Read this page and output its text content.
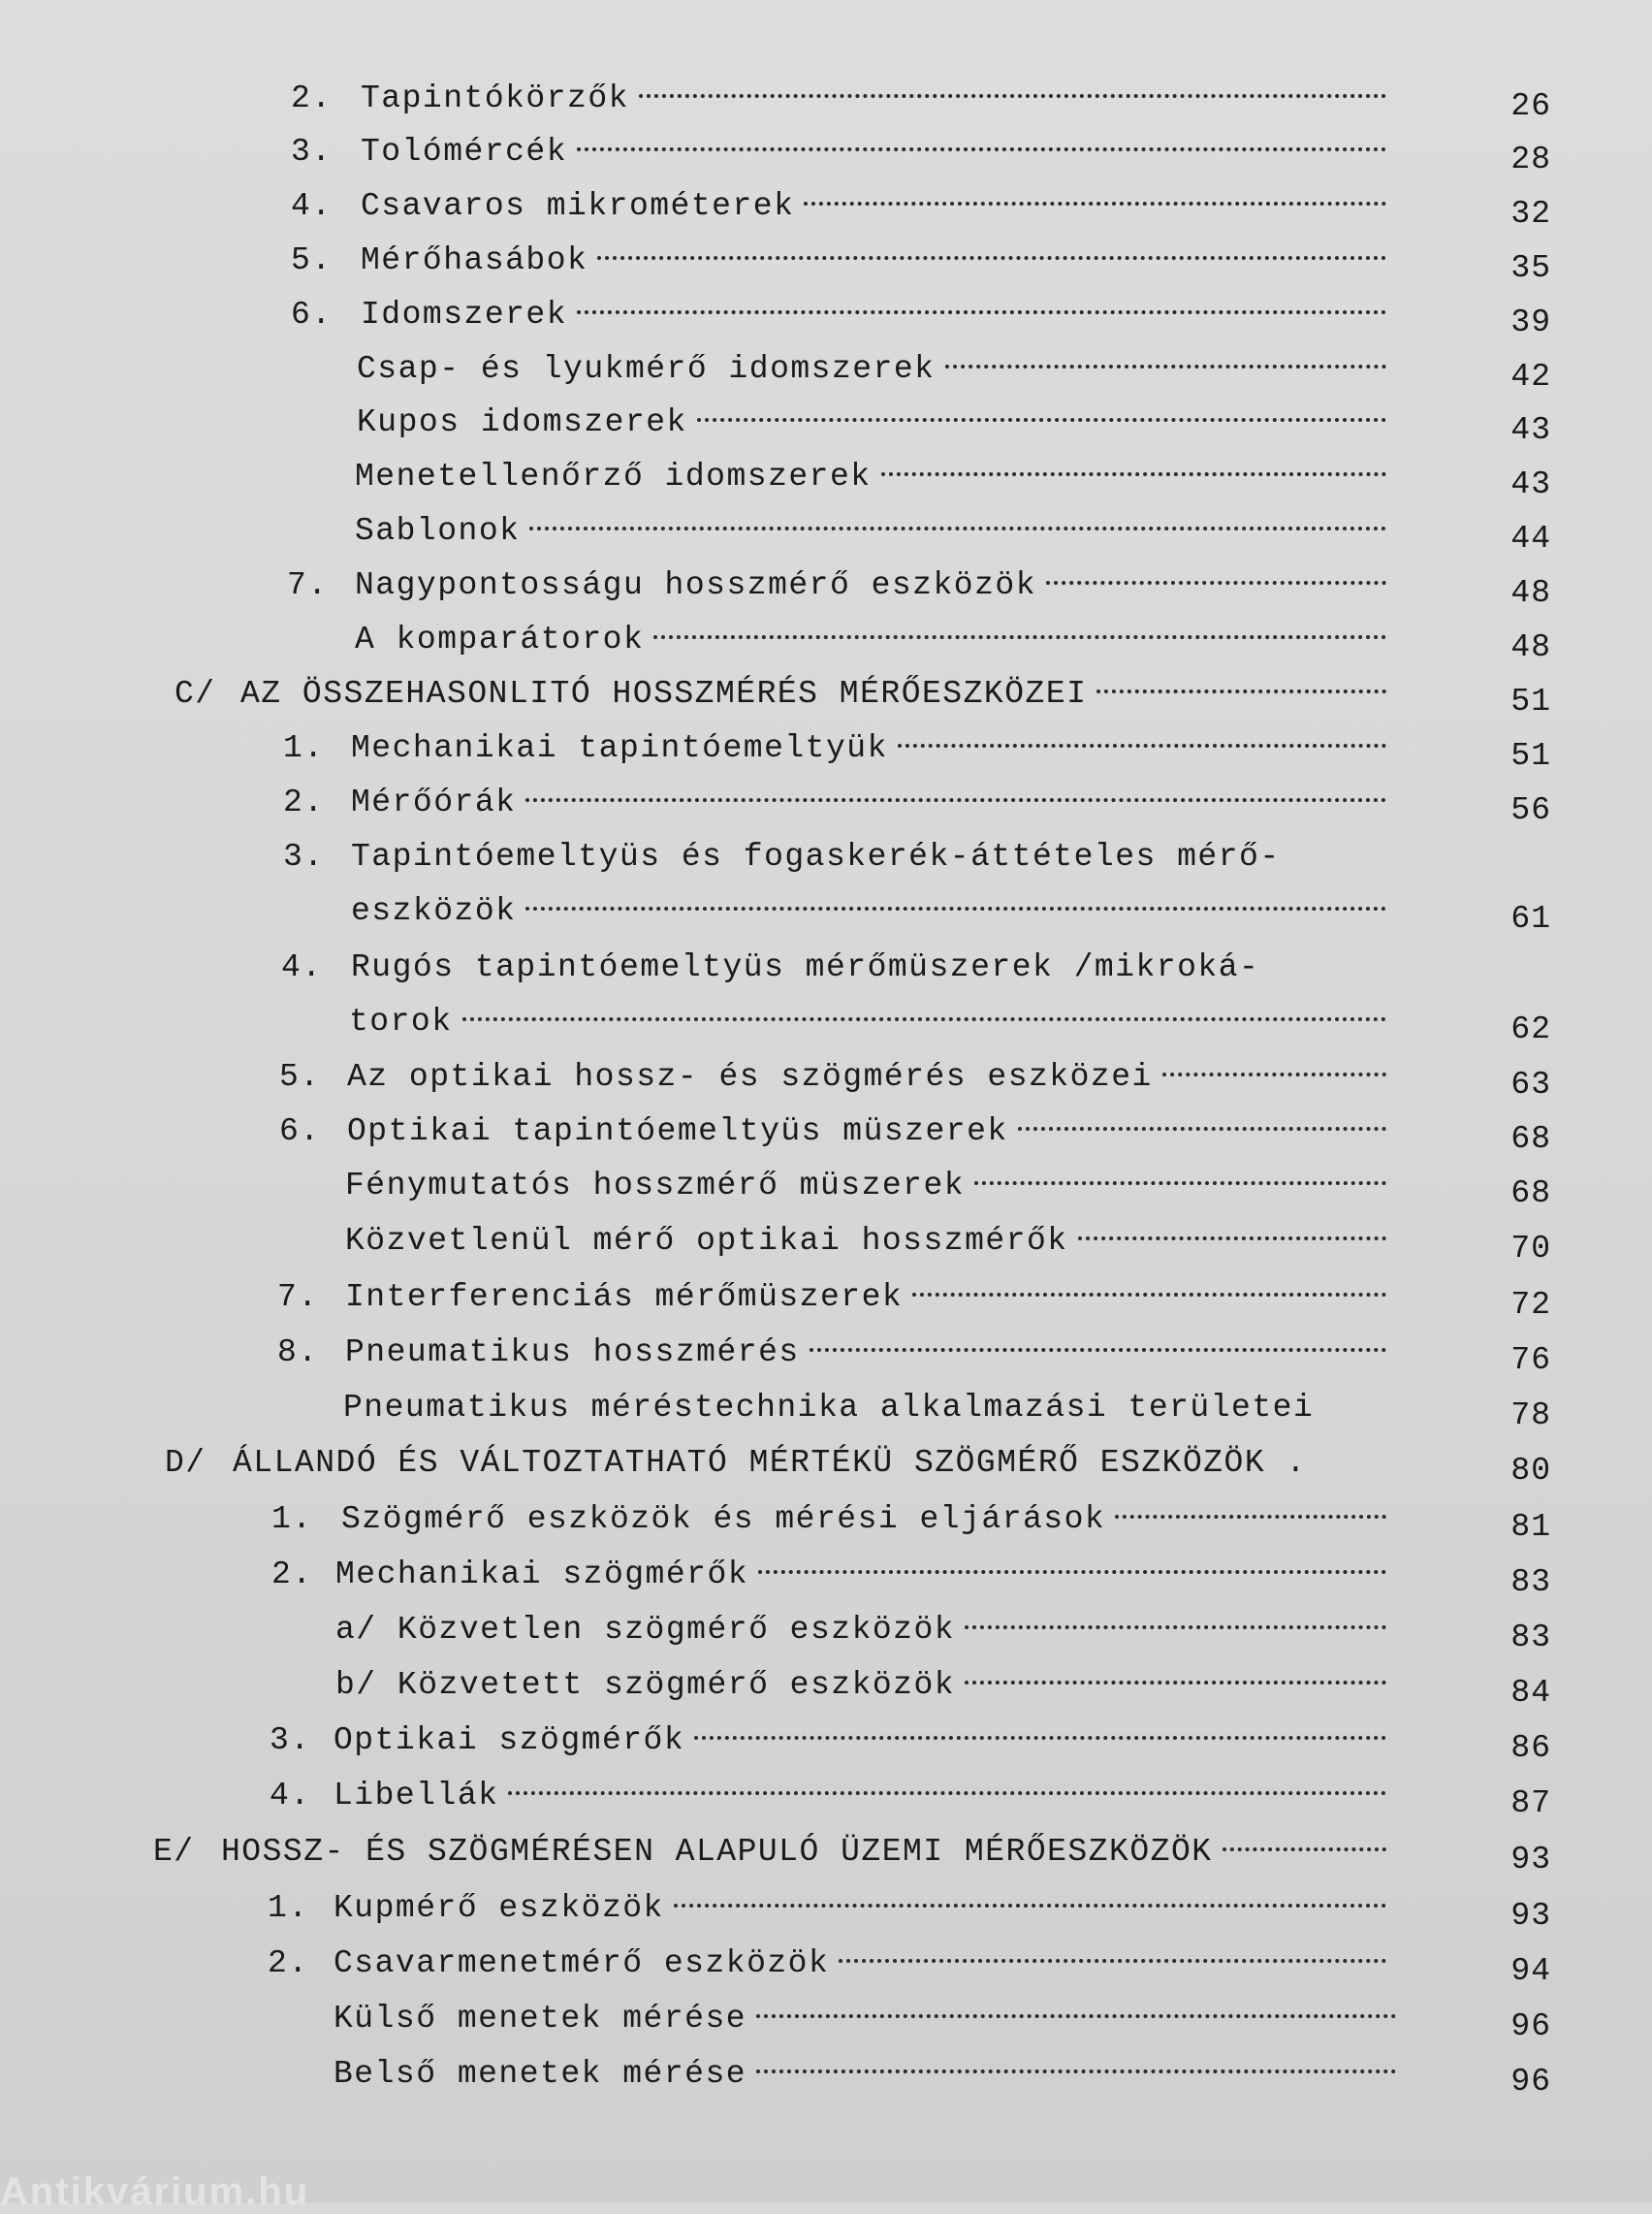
2. Tapintókörzők	26
3. Tolómércék	28
4. Csavaros mikrométerek	32
5. Mérőhasábok	35
6. Idomszerek	39
Csap- és lyukmérő idomszerek	42
Kupos idomszerek	43
Menetellenőrző idomszerek	43
Sablonok	44
7. Nagypontosságu hosszmérő eszközök	48
A komparátorok	48
C/ AZ ÖSSZEHASONLITÓ HOSSZMÉRÉS MÉRŐESZKÖZEI	51
1. Mechanikai tapintóemeltyük	51
2. Mérőórák	56
3. Tapintóemeltyüs és fogaskerék-áttételes mérő-
eszközök	61
4. Rugós tapintóemeltyüs mérőmüszerek /mikroká-
torok	62
5. Az optikai hossz- és szögmérés eszközei	63
6. Optikai tapintóemeltyüs müszerek	68
Fénymutatós hosszmérő müszerek	68
Közvetlenül mérő optikai hosszmérők	70
7. Interferenciás mérőmüszerek	72
8. Pneumatikus hosszmérés	76
Pneumatikus méréstechnika alkalmazási területei	78
D/ ÁLLANDÓ ÉS VÁLTOZTATHATÓ MÉRTÉKÜ SZÖGMÉRŐ ESZKÖZÖK .	80
1. Szögmérő eszközök és mérési eljárások	81
2. Mechanikai szögmérők	83
a/ Közvetlen szögmérő eszközök	83
b/ Közvetett szögmérő eszközök	84
3. Optikai szögmérők	86
4. Libellák	87
E/ HOSSZ- ÉS SZÖGMÉRÉSEN ALAPULÓ ÜZEMI MÉRŐESZKÖZÖK	93
1. Kupmérő eszközök	93
2. Csavarmenetmérő eszközök	94
Külső menetek mérése	96
Belső menetek mérése	96
Antikvárium.hu
